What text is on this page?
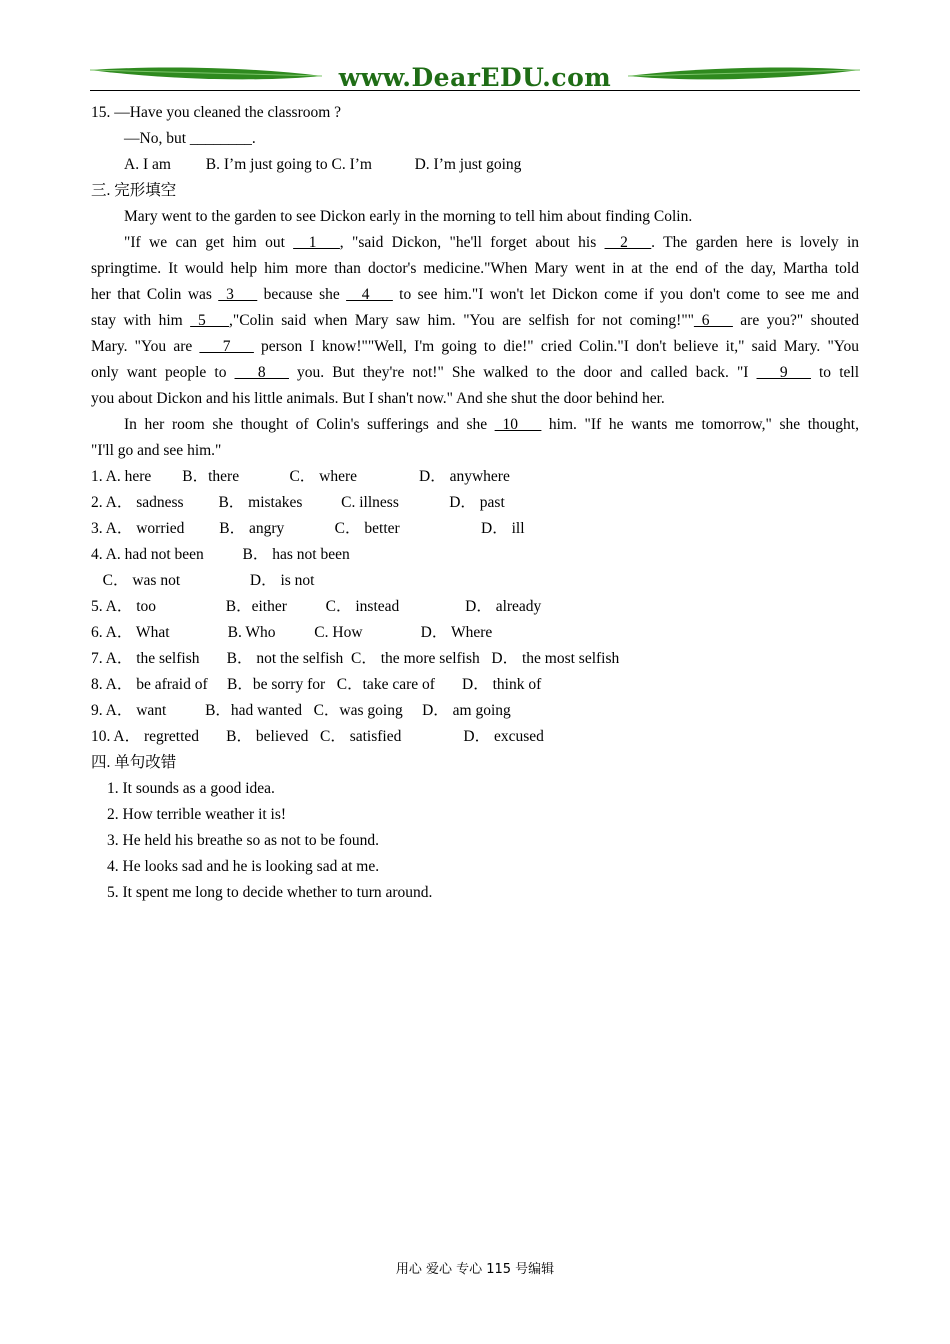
www.DearEDU.com
15. —Have you cleaned the classroom ?
—No, but ________.
A. I am         B. I’m just going to C. I’m           D. I’m just going
三. 完形填空
Mary went to the garden to see Dickon early in the morning to tell him about finding Colin.
"If we can get him out __1___, "said Dickon, "he'll forget about his __2___. The garden here is lovely in
springtime. It would help him more than doctor's medicine."When Mary went in at the end of the day, Martha told
her that Colin was _3___ because she __4___ to see him."I won't let Dickon come if you don't come to see me and
stay with him _5___,"Colin said when Mary saw him. "You are selfish for not coming!""_6___ are you?" shouted
Mary. "You are ___7___ person I know!""Well, I'm going to die!" cried Colin."I don't believe it," said Mary. "You
only want people to ___8___ you. But they're not!" She walked to the door and called back. "I ___9___ to tell
you about Dickon and his little animals. But I shan't now." And she shut the door behind her.
In her room she thought of Colin's sufferings and she _10___ him. "If he wants me tomorrow," she thought,
"I'll go and see him."
1. A. here        B．there             C． where                D． anywhere
2. A． sadness         B． mistakes          C. illness             D． past
3. A． worried         B． angry             C． better                     D． ill
4. A. had not been          B． has not been
C． was not                  D． is not
5. A． too                  B．either          C． instead                 D． already
6. A． What               B. Who          C. How               D． Where
7. A． the selfish       B． not the selfish  C． the more selfish   D． the most selfish
8. A． be afraid of     B．be sorry for   C．take care of       D． think of
9. A． want          B．had wanted   C．was going     D． am going
10. A． regretted       B． believed   C． satisfied                D． excused
四. 单句改错
1. It sounds as a good idea.
2. How terrible weather it is!
3. He held his breathe so as not to be found.
4. He looks sad and he is looking sad at me.
5. It spent me long to decide whether to turn around.
用心 爱心 专心 115 号编辑
